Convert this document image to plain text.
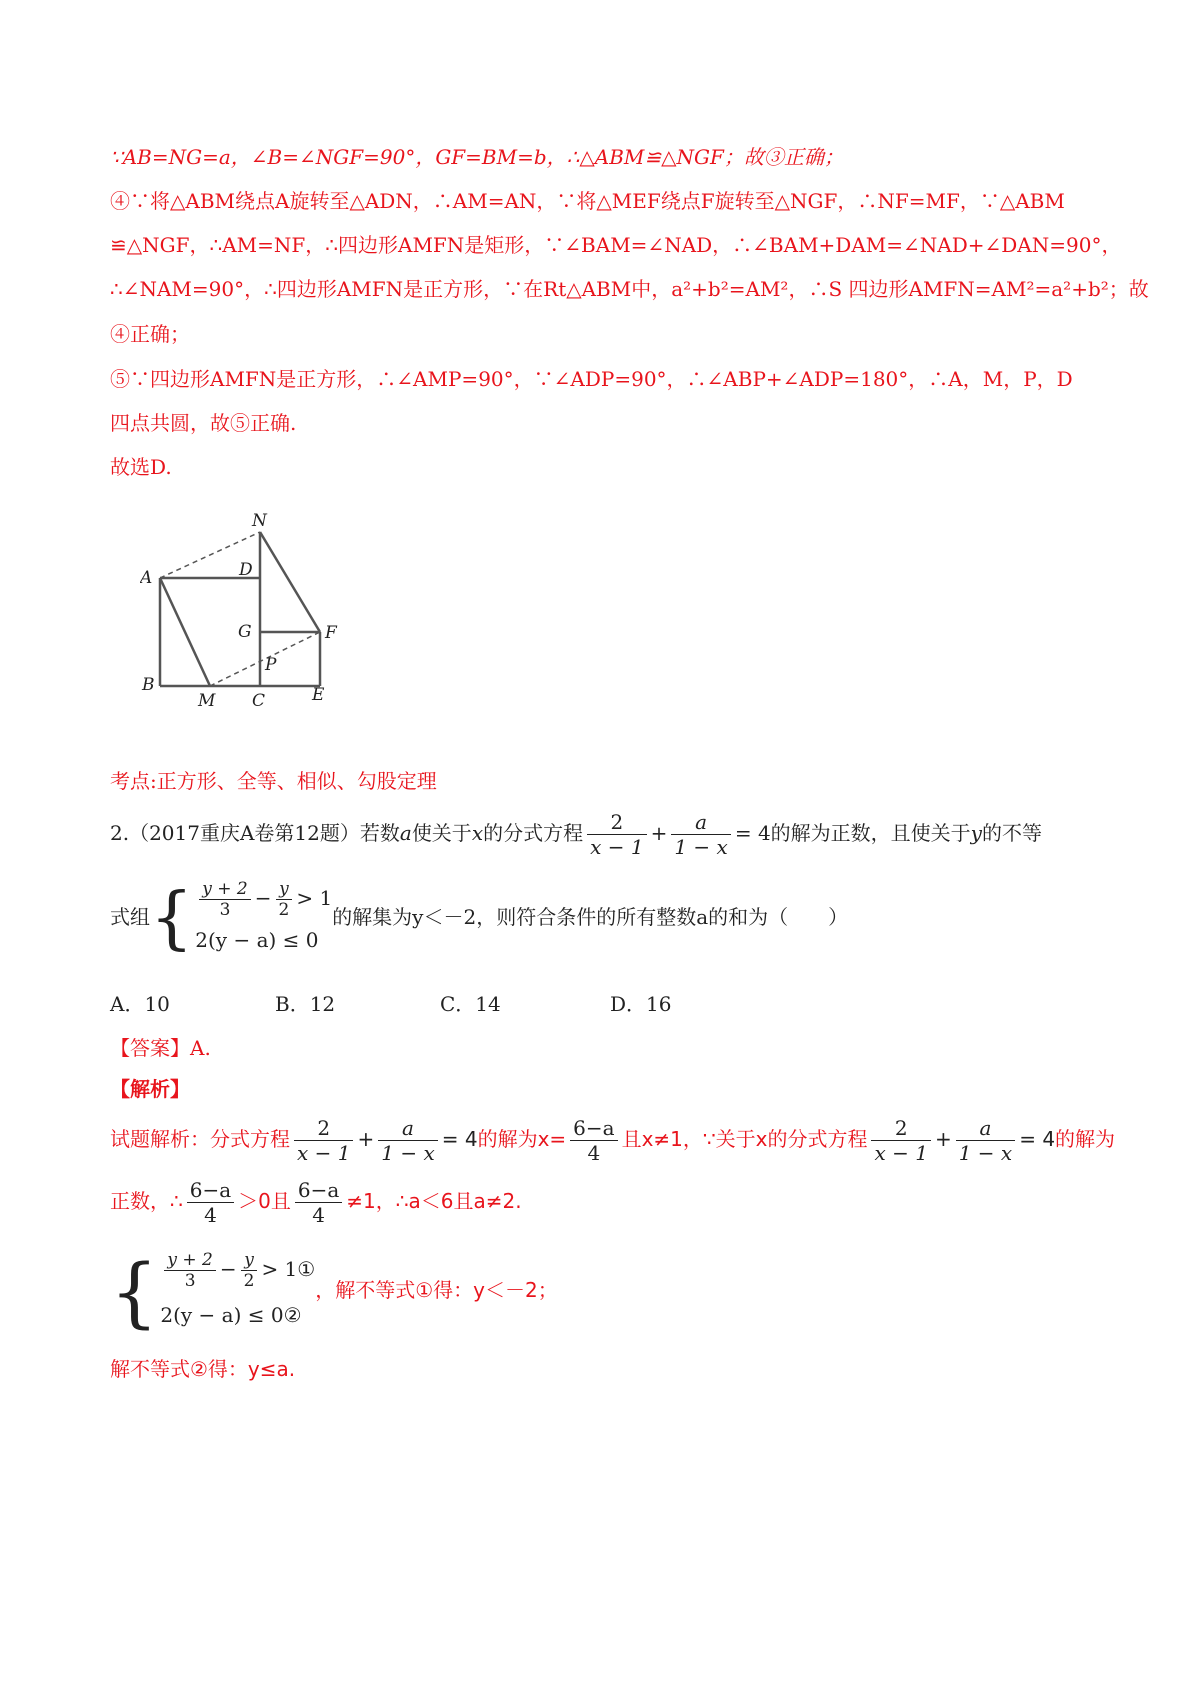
∵AB=NG=a，∠B=∠NGF=90°，GF=BM=b，∴△ABM≌△NGF；故③正确；
④∵将△ABM绕点A旋转至△ADN，∴AM=AN，∵将△MEF绕点F旋转至△NGF，∴NF=MF，∵△ABM
≌△NGF，∴AM=NF，∴四边形AMFN是矩形，∵∠BAM=∠NAD，∴∠BAM+DAM=∠NAD+∠DAN=90°，
∴∠NAM=90°，∴四边形AMFN是正方形，∵在Rt△ABM中，a²+b²=AM²，∴S 四边形AMFN=AM²=a²+b²；故
④正确；
⑤∵四边形AMFN是正方形，∴∠AMP=90°，∵∠ADP=90°，∴∠ABP+∠ADP=180°，∴A，M，P，D
四点共圆，故⑤正确.
故选D.
N
A	D
G	F
P
B
M C	E
考点:正方形、全等、相似、勾股定理
2.（2017重庆A卷第12题）若数a使关于x的分式方程 $\frac{2}{x - 1} + \frac{a}{1 - x} = 4$的解为正数，且使关于y的不等
式组{ $\frac{y + 2}{3} - \frac{y}{2} > 1$
2(y − a) ≤ 0
的解集为y＜－2，则符合条件的所有整数a的和为（　　）
A．10	B．12	C．14	D．16
【答案】A.
【解析】
试题解析：分式方程 $\frac{2}{x - 1} + \frac{a}{1 - x} = 4$的解为$x= \frac{6-a}{4}$ 且x≠1，∵关于x的分式方程 $\frac{2}{x - 1} + \frac{a}{1 - x} = 4$的解为
正数，∴ $\frac{6-a}{4} >0$且 $\frac{6-a}{4} \ne 1$，∴a＜6且a≠2.
{ $\frac{y + 2}{3} - \frac{y}{2}$ > 1①
2(y − a) ≤ 0②
，解不等式①得：y＜－2；
解不等式②得：y≤a.
